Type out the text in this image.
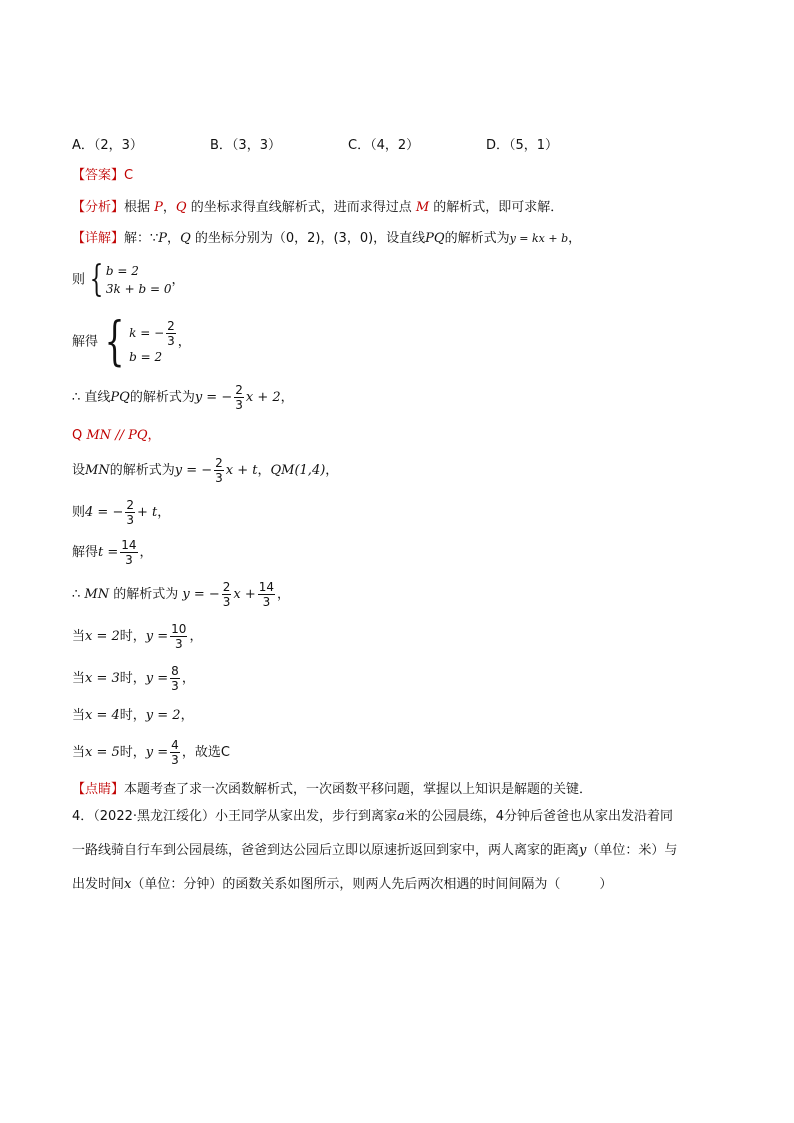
A．（2，3）	B．（3，3）	C．（4，2）	D．（5，1）
【答案】C
【分析】根据 P，Q 的坐标求得直线解析式，进而求得过点 M 的解析式，即可求解．
【详解】解：∵P，Q 的坐标分别为（0，2)，(3，0)，设直线PQ的解析式为y = kx + b，
则 { b = 2
3k + b = 0
，
解得 { k = − $\frac{2}{3}$
b = 2
，
∴ 直线PQ的解析式为y = − $\frac{2}{3}$ x + 2，
Q MN // PQ，
设MN的解析式为y = − $\frac{2}{3}$ x + t，QM(1,4)，
则4 = − $\frac{2}{3} + t$，
解得$t = \frac{14}{3}$ ，
∴ MN 的解析式为 y = − $\frac{2}{3}$ $x + \frac{14}{3}$ ，
当x = 2时，$y = \frac{10}{3}$ ，
当x = 3时，$y = \frac{8}{3}$ ，
当x = 4时，y = 2，
当x = 5时，$y = \frac{4}{3}$ ，故选C
【点睛】本题考查了求一次函数解析式，一次函数平移问题，掌握以上知识是解题的关键．
4．（2022·黑龙江绥化）小王同学从家出发，步行到离家a米的公园晨练，4分钟后爸爸也从家出发沿着同
一路线骑自行车到公园晨练，爸爸到达公园后立即以原速折返回到家中，两人离家的距离y（单位：米）与
出发时间x（单位：分钟）的函数关系如图所示，则两人先后两次相遇的时间间隔为（　　　）
